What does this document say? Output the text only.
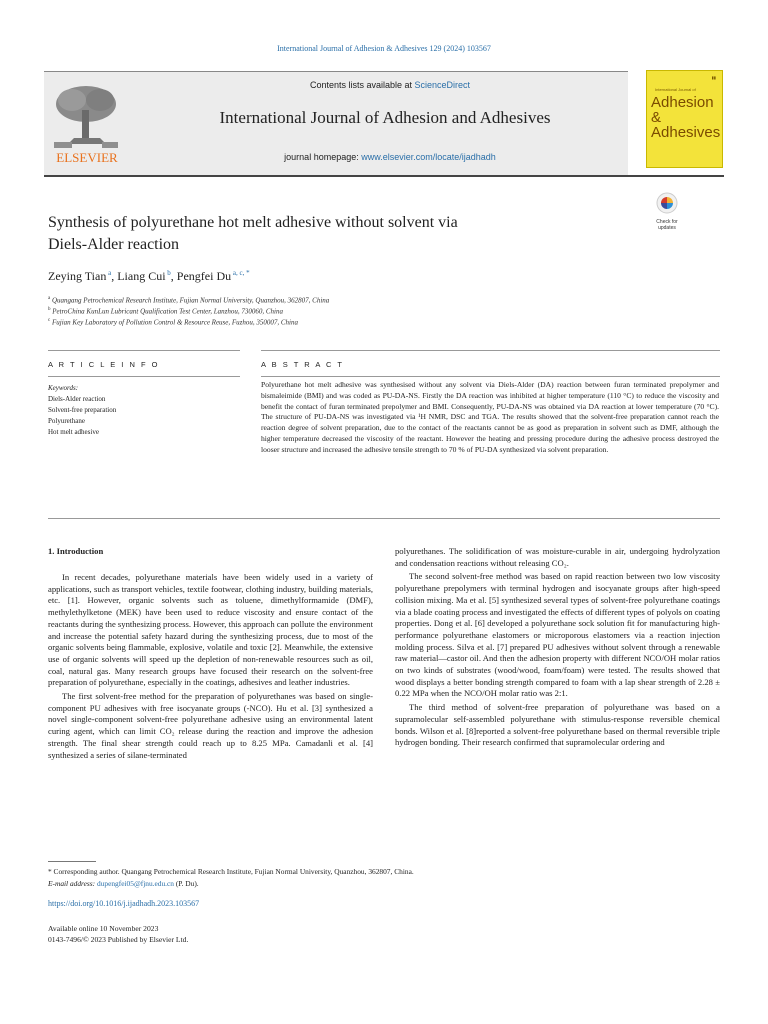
International Journal of Adhesion & Adhesives 129 (2024) 103567
ELSEVIER
Contents lists available at ScienceDirect
International Journal of Adhesion and Adhesives
journal homepage: www.elsevier.com/locate/ijadhadh
▮▮
International Journal of
Adhesion & Adhesives
Check for updates
Synthesis of polyurethane hot melt adhesive without solvent via
Diels-Alder reaction
Zeying Tian $^a$, Liang Cui $^b$, Pengfei Du $^{a, c, *}$
$^a$ Quangang Petrochemical Research Institute, Fujian Normal University, Quanzhou, 362807, China
$^b$ PetroChina KunLun Lubricant Qualification Test Center, Lanzhou, 730060, China
$^c$ Fujian Key Laboratory of Pollution Control & Resource Reuse, Fuzhou, 350007, China
A R T I C L E I N F O	A B S T R A C T
Keywords:
Diels-Alder reaction
Solvent-free preparation
Polyurethane
Hot melt adhesive
Polyurethane hot melt adhesive was synthesised without any solvent via Diels-Alder (DA) reaction between furan terminated prepolymer and bismaleimide (BMI) and was coded as PU-DA-NS. Firstly the DA reaction was inhibited at higher temperature (110 °C) to reduce the viscosity and benefit the contact of furan terminated prepolymer and BMI. Consequently, PU-DA-NS was obtained via DA reaction at lower temperature (70 °C). The structure of PU-DA-NS was investigated via ¹H NMR, DSC and TGA. The results showed that the solvent-free preparation cannot reach the reaction degree of solvent preparation, due to the contact of the reactants cannot be as good as preparation in solvent such as DMF, although the higher temperature decreased the viscosity of the reactant. However the heating and pressing procedure during the adhesive process destroyed the looser structure and increased the adhesive tensile strength to 70 % of PU-DA synthesized via solvent preparation.
1. Introduction

In recent decades, polyurethane materials have been widely used in a variety of applications, such as transport vehicles, textile footwear, clothing industry, building materials, etc. [1]. However, organic solvents such as toluene, dimethylformamide (DMF), methylethylketone (MEK) have been used to reduce viscosity and ensure contact of the reactants during the synthesizing process. However, this approach can pollute the environment and increase the potential safety hazard during the synthesizing process, due to most of the organic solvents being flammable, explosive, volatile and toxic [2]. Meanwhile, the extensive use of organic solvents will speed up the depletion of non-renewable resources such as oil, coal, natural gas. Many research groups have focused their research on the solvent-free preparation of polyurethane, especially in the coatings, adhesives and leather industries.

The first solvent-free method for the preparation of polyurethanes was based on single-component PU adhesives with free isocyanate groups (-NCO). Hu et al. [3] synthesized a novel single-component solvent-free polyurethane adhesive using an environmental latent curing agent, which can limit CO₂ release during the reaction and improve the adhesion strength. The final shear strength could reach up to 8.25 MPa. Camadanli et al. [4] synthesized a series of silane-terminated

polyurethanes. The solidification of was moisture-curable in air, undergoing hydrolyzation and condensation reactions without releasing CO₂.

The second solvent-free method was based on rapid reaction between two low viscosity polyurethane prepolymers with terminal hydrogen and isocyanate groups after high-speed collision mixing. Ma et al. [5] synthesized several types of solvent-free polyurethane coatings via a blade coating process and investigated the effects of different types of polyols on coating properties. Dong et al. [6] developed a polyurethane sock solution fit for manufacturing high-performance polyurethane elastomers or microporous elastomers via a reaction injection molding process. Silva et al. [7] prepared PU adhesives without solvent through a renewable raw material—castor oil. And then the adhesion property with different NCO/OH molar ratios on two kinds of substrates (wood/wood, foam/foam) were tested. The results showed that wood displays a better bonding strength compared to foam with a lap shear strength of 2.28 ± 0.22 MPa when the NCO/OH molar ratio was 2:1.

The third method of solvent-free preparation of polyurethane was based on a supramolecular self-assembled polyurethane with stimulus-response reversible chemical bonds. Wilson et al. [8]reported a solvent-free polyurethane based on thermal reversible triple hydrogen bonding. Their research confirmed that supramolecular ordering and

* Corresponding author. Quangang Petrochemical Research Institute, Fujian Normal University, Quanzhou, 362807, China.
E-mail address: dupengfei05@fjnu.edu.cn (P. Du).
https://doi.org/10.1016/j.ijadhadh.2023.103567
Available online 10 November 2023
0143-7496/© 2023 Published by Elsevier Ltd.
